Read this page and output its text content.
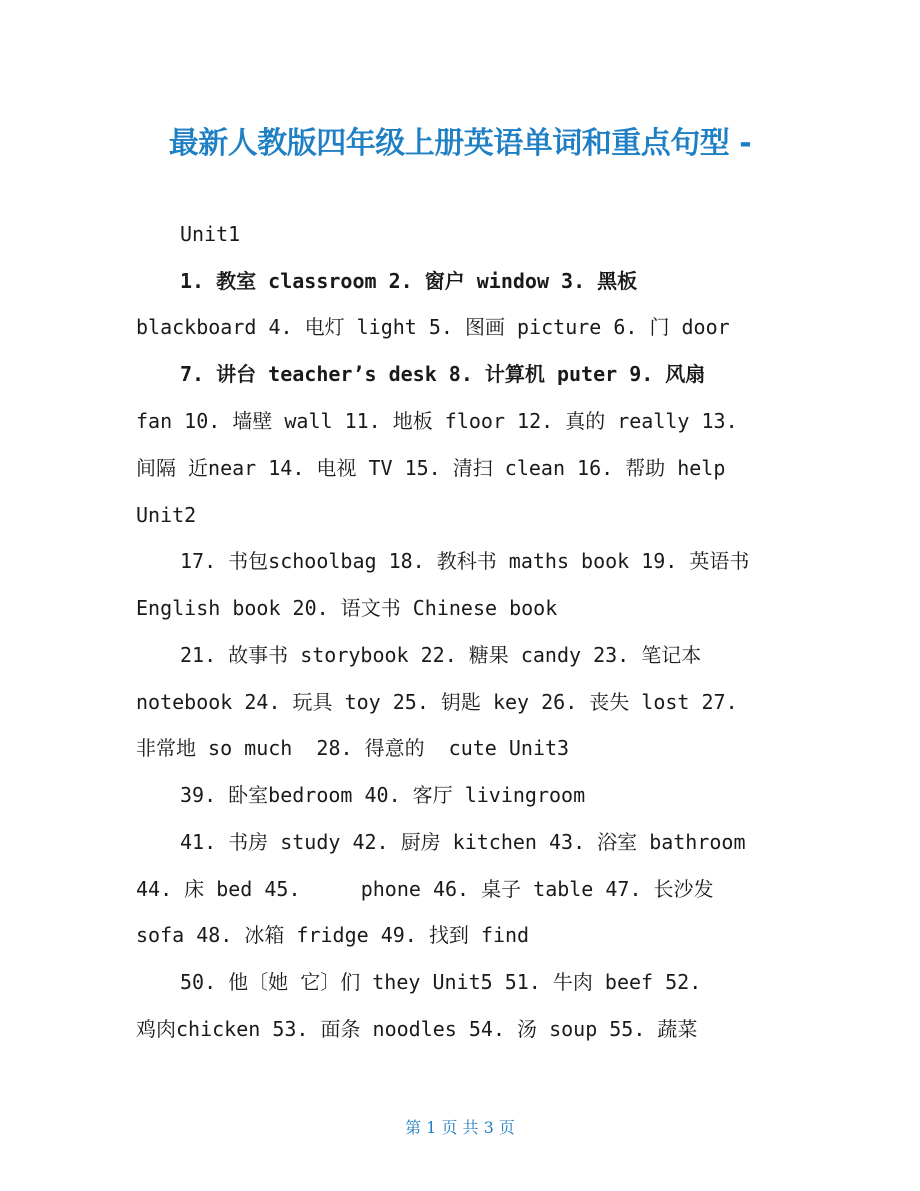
最新人教版四年级上册英语单词和重点句型 -
Unit1
1. 教室 classroom 2. 窗户 window 3. 黑板
blackboard 4. 电灯 light 5. 图画 picture 6. 门 door
7. 讲台 teacher’s desk 8. 计算机 puter 9. 风扇
fan 10. 墙壁 wall 11. 地板 floor 12. 真的 really 13.
间隔 近near 14. 电视 TV 15. 清扫 clean 16. 帮助 help
Unit2
17. 书包schoolbag 18. 教科书 maths book 19. 英语书
English book 20. 语文书 Chinese book
21. 故事书 storybook 22. 糖果 candy 23. 笔记本
notebook 24. 玩具 toy 25. 钥匙 key 26. 丧失 lost 27.
非常地 so much  28. 得意的  cute Unit3
39. 卧室bedroom 40. 客厅 livingroom
41. 书房 study 42. 厨房 kitchen 43. 浴室 bathroom
44. 床 bed 45.     phone 46. 桌子 table 47. 长沙发
sofa 48. 冰箱 fridge 49. 找到 find
50. 他〔她 它〕们 they Unit5 51. 牛肉 beef 52.
鸡肉chicken 53. 面条 noodles 54. 汤 soup 55. 蔬菜
第 1 页 共 3 页
